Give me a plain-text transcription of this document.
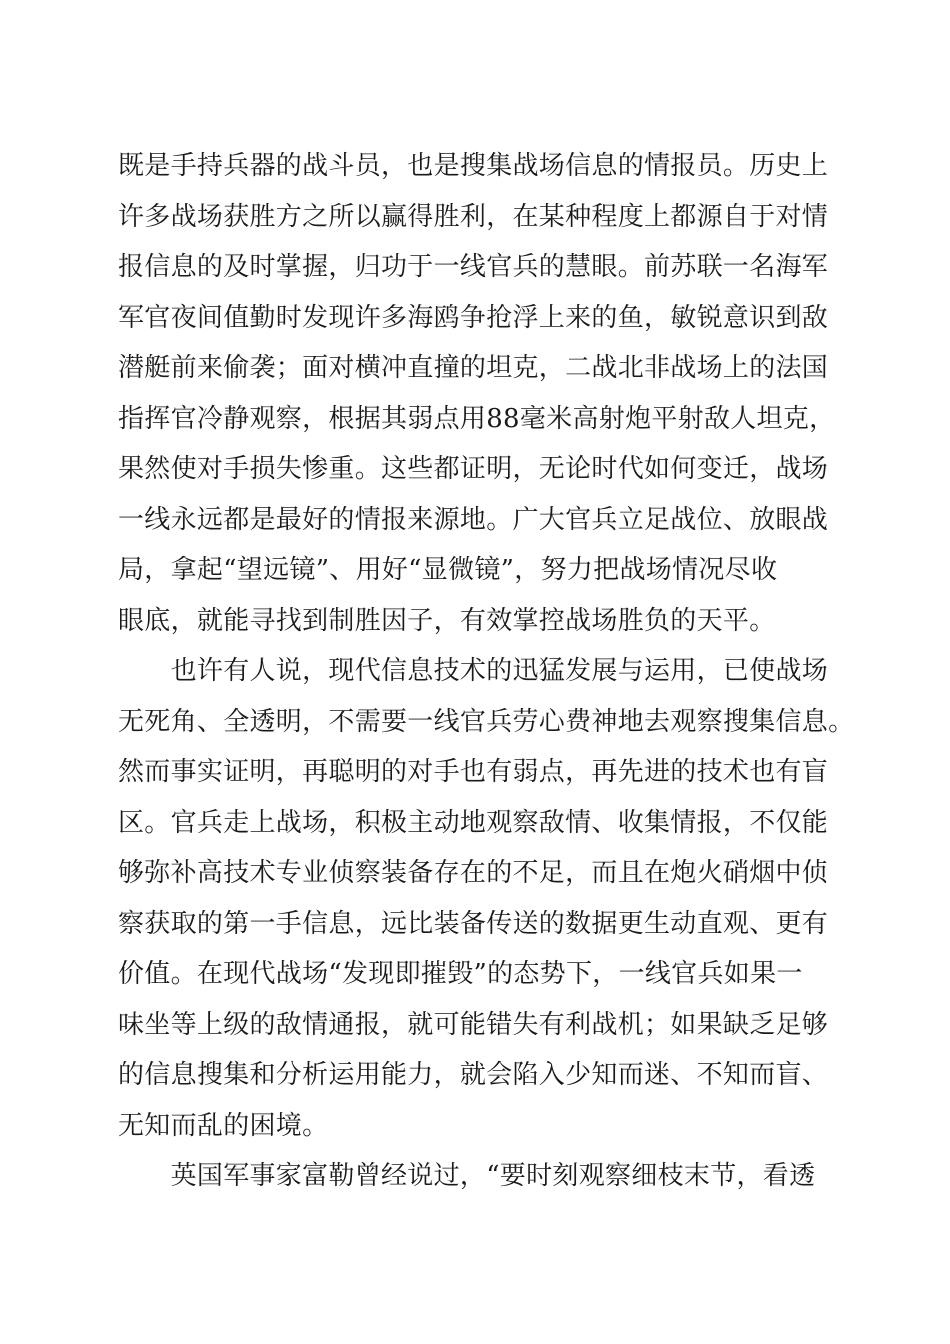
既是手持兵器的战斗员，也是搜集战场信息的情报员。历史上
许多战场获胜方之所以赢得胜利，在某种程度上都源自于对情
报信息的及时掌握，归功于一线官兵的慧眼。前苏联一名海军
军官夜间值勤时发现许多海鸥争抢浮上来的鱼，敏锐意识到敌
潜艇前来偷袭；面对横冲直撞的坦克，二战北非战场上的法国
指挥官冷静观察，根据其弱点用88毫米高射炮平射敌人坦克，
果然使对手损失惨重。这些都证明，无论时代如何变迁，战场
一线永远都是最好的情报来源地。广大官兵立足战位、放眼战
局，拿起“望远镜”、用好“显微镜”，努力把战场情况尽收
眼底，就能寻找到制胜因子，有效掌控战场胜负的天平。
　　也许有人说，现代信息技术的迅猛发展与运用，已使战场
无死角、全透明，不需要一线官兵劳心费神地去观察搜集信息。
然而事实证明，再聪明的对手也有弱点，再先进的技术也有盲
区。官兵走上战场，积极主动地观察敌情、收集情报，不仅能
够弥补高技术专业侦察装备存在的不足，而且在炮火硝烟中侦
察获取的第一手信息，远比装备传送的数据更生动直观、更有
价值。在现代战场“发现即摧毁”的态势下，一线官兵如果一
味坐等上级的敌情通报，就可能错失有利战机；如果缺乏足够
的信息搜集和分析运用能力，就会陷入少知而迷、不知而盲、
无知而乱的困境。
　　英国军事家富勒曾经说过，“要时刻观察细枝末节，看透
